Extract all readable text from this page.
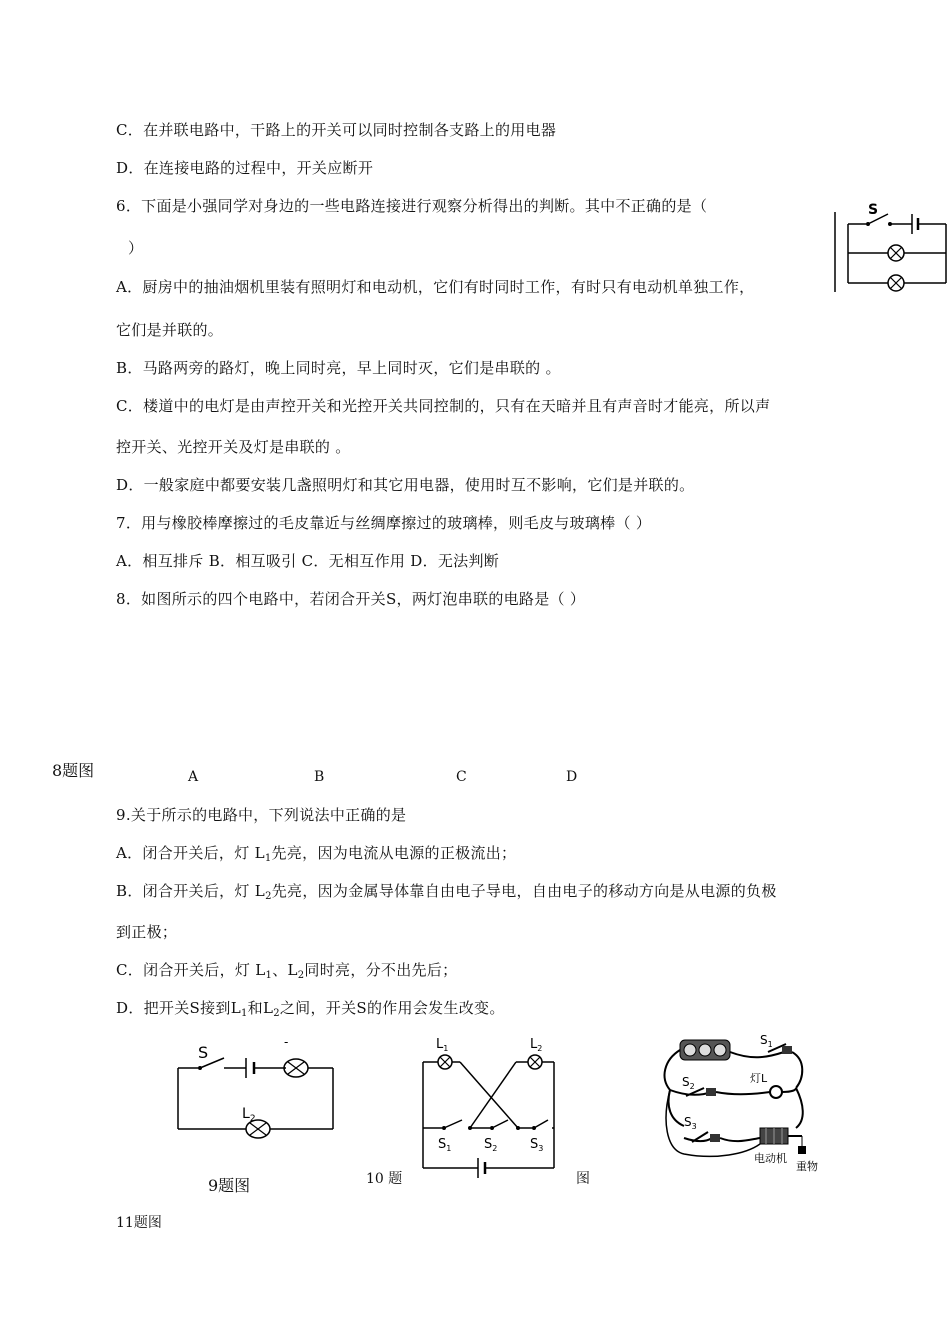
C．在并联电路中，干路上的开关可以同时控制各支路上的用电器
D．在连接电路的过程中，开关应断开
6．下面是小强同学对身边的一些电路连接进行观察分析得出的判断。其中不正确的是（
）
A．厨房中的抽油烟机里装有照明灯和电动机，它们有时同时工作，有时只有电动机单独工作，
它们是并联的。
B．马路两旁的路灯，晚上同时亮，早上同时灭，它们是串联的 。
C．楼道中的电灯是由声控开关和光控开关共同控制的，只有在天暗并且有声音时才能亮，所以声
控开关、光控开关及灯是串联的 。
D．一般家庭中都要安装几盏照明灯和其它用电器，使用时互不影响，它们是并联的。
7．用与橡胶棒摩擦过的毛皮靠近与丝绸摩擦过的玻璃棒，则毛皮与玻璃棒（ ）
A．相互排斥 B．相互吸引 C．无相互作用 D．无法判断
8．如图所示的四个电路中，若闭合开关S，两灯泡串联的电路是（ ）
S
8题图	A	B	C	D
9.关于所示的电路中，下列说法中正确的是
A．闭合开关后，灯 $L_1$先亮，因为电流从电源的正极流出；
B．闭合开关后，灯 $L_2$先亮，因为金属导体靠自由电子导电，自由电子的移动方向是从电源的负极
到正极；
C．闭合开关后，灯 $L_1$、$L_2$同时亮，分不出先后；
D．把开关S接到$L_1$和$L_2$之间，开关S的作用会发生改变。
S
-
$L_2$
9题图
$L_1$	$L_2$
$S_1$	$S_2$	$S_3$
10 题	图
$S_1$
$S_2$
灯L
$S_3$
电动机
重物
11题图
